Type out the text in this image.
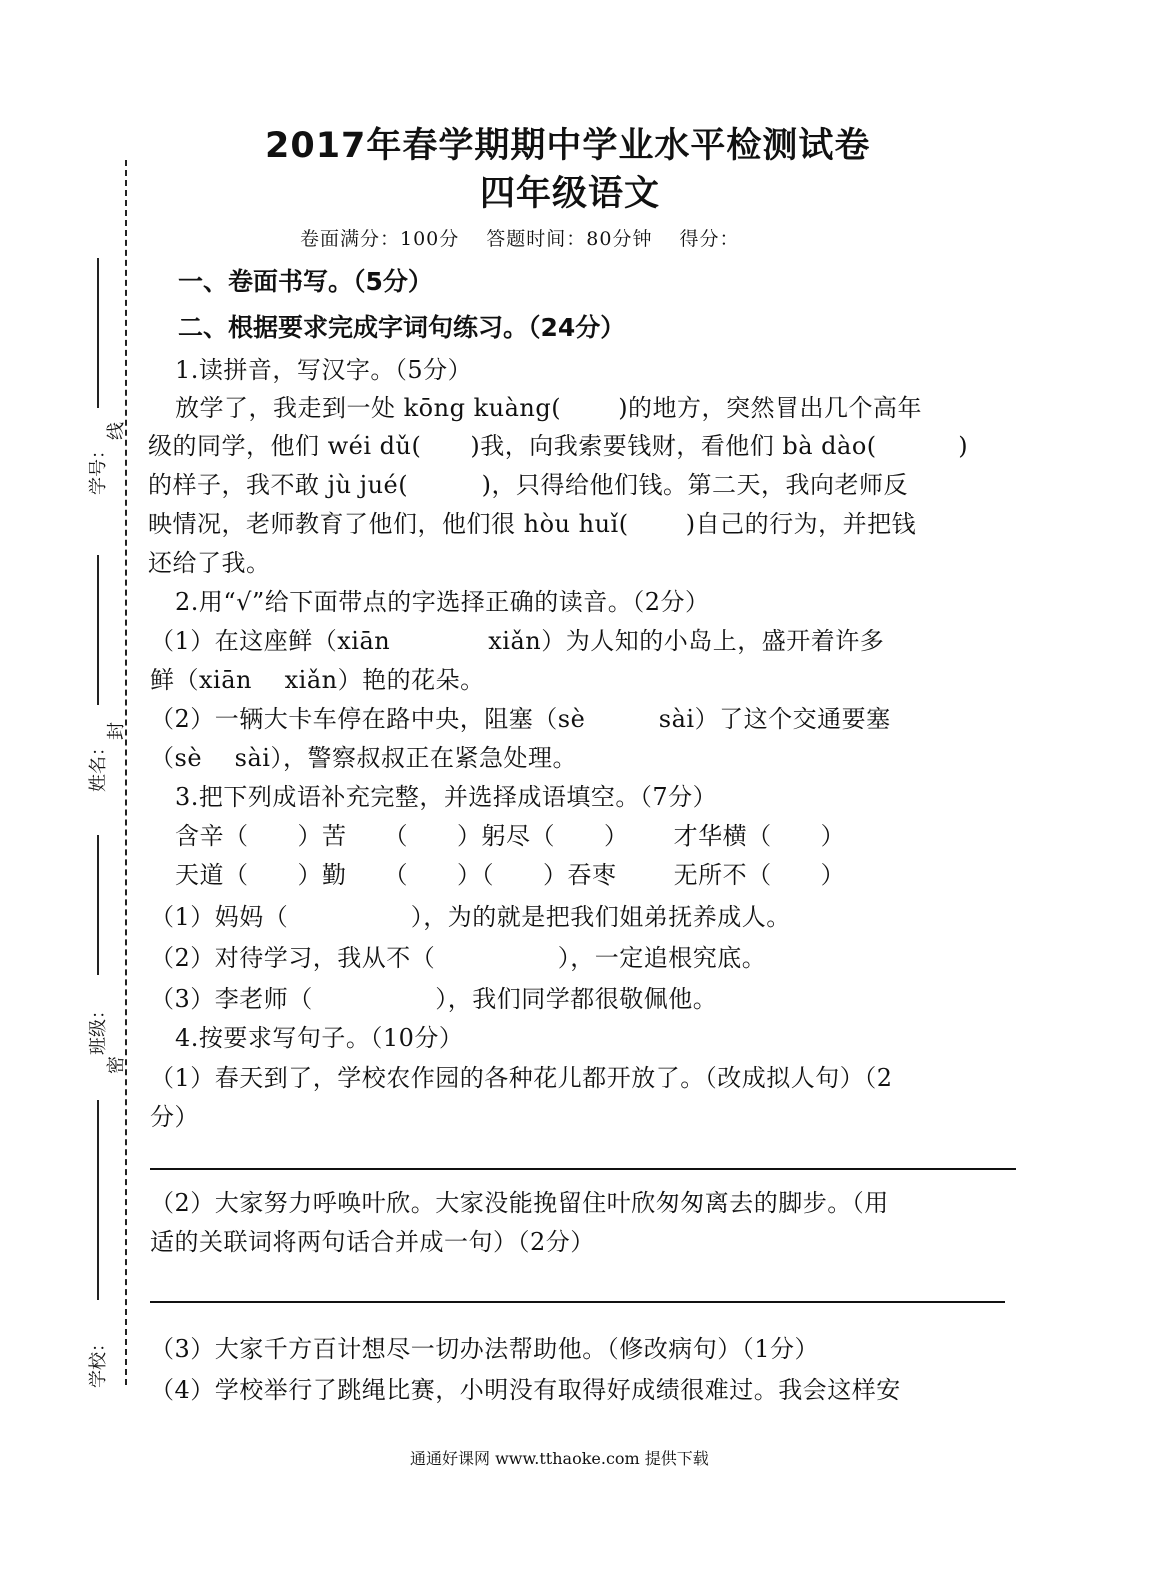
线
封
密
学号：
姓名：
班级：
学校：
2017年春学期期中学业水平检测试卷
四年级语文
卷面满分：100分　 答题时间：80分钟　 得分：
一、卷面书写。（5分）
二、根据要求完成字词句练习。（24分）
1.读拼音，写汉字。（5分）
放学了，我走到一处 kōng kuàng(　　 )的地方，突然冒出几个高年
级的同学，他们 wéi dǔ(　　)我，向我索要钱财，看他们 bà dào(　　　 )
的样子，我不敢 jù jué(　　　)，只得给他们钱。第二天，我向老师反
映情况，老师教育了他们，他们很 hòu huǐ(　　 )自己的行为，并把钱
还给了我。
2.用“√”给下面带点的字选择正确的读音。（2分）
（1）在这座鲜（xiān　　　　xiǎn）为人知的小岛上，盛开着许多
鲜（xiān　 xiǎn）艳的花朵。
（2）一辆大卡车停在路中央，阻塞（sè　　　sài）了这个交通要塞
（sè　 sài），警察叔叔正在紧急处理。
3.把下列成语补充完整，并选择成语填空。（7分）
含辛（　　）苦　　（　　）躬尽（　　）　　 才华横（　　）
天道（　　）勤　　（　　）（　　）吞枣　　 无所不（　　）
（1）妈妈（　　　　　），为的就是把我们姐弟抚养成人。
（2）对待学习，我从不（　　　　　），一定追根究底。
（3）李老师（　　　　　），我们同学都很敬佩他。
4.按要求写句子。（10分）
（1）春天到了，学校农作园的各种花儿都开放了。（改成拟人句）（2
分）
（2）大家努力呼唤叶欣。大家没能挽留住叶欣匆匆离去的脚步。（用
适的关联词将两句话合并成一句）（2分）
（3）大家千方百计想尽一切办法帮助他。（修改病句）（1分）
（4）学校举行了跳绳比赛，小明没有取得好成绩很难过。我会这样安
通通好课网 www.tthaoke.com 提供下载
